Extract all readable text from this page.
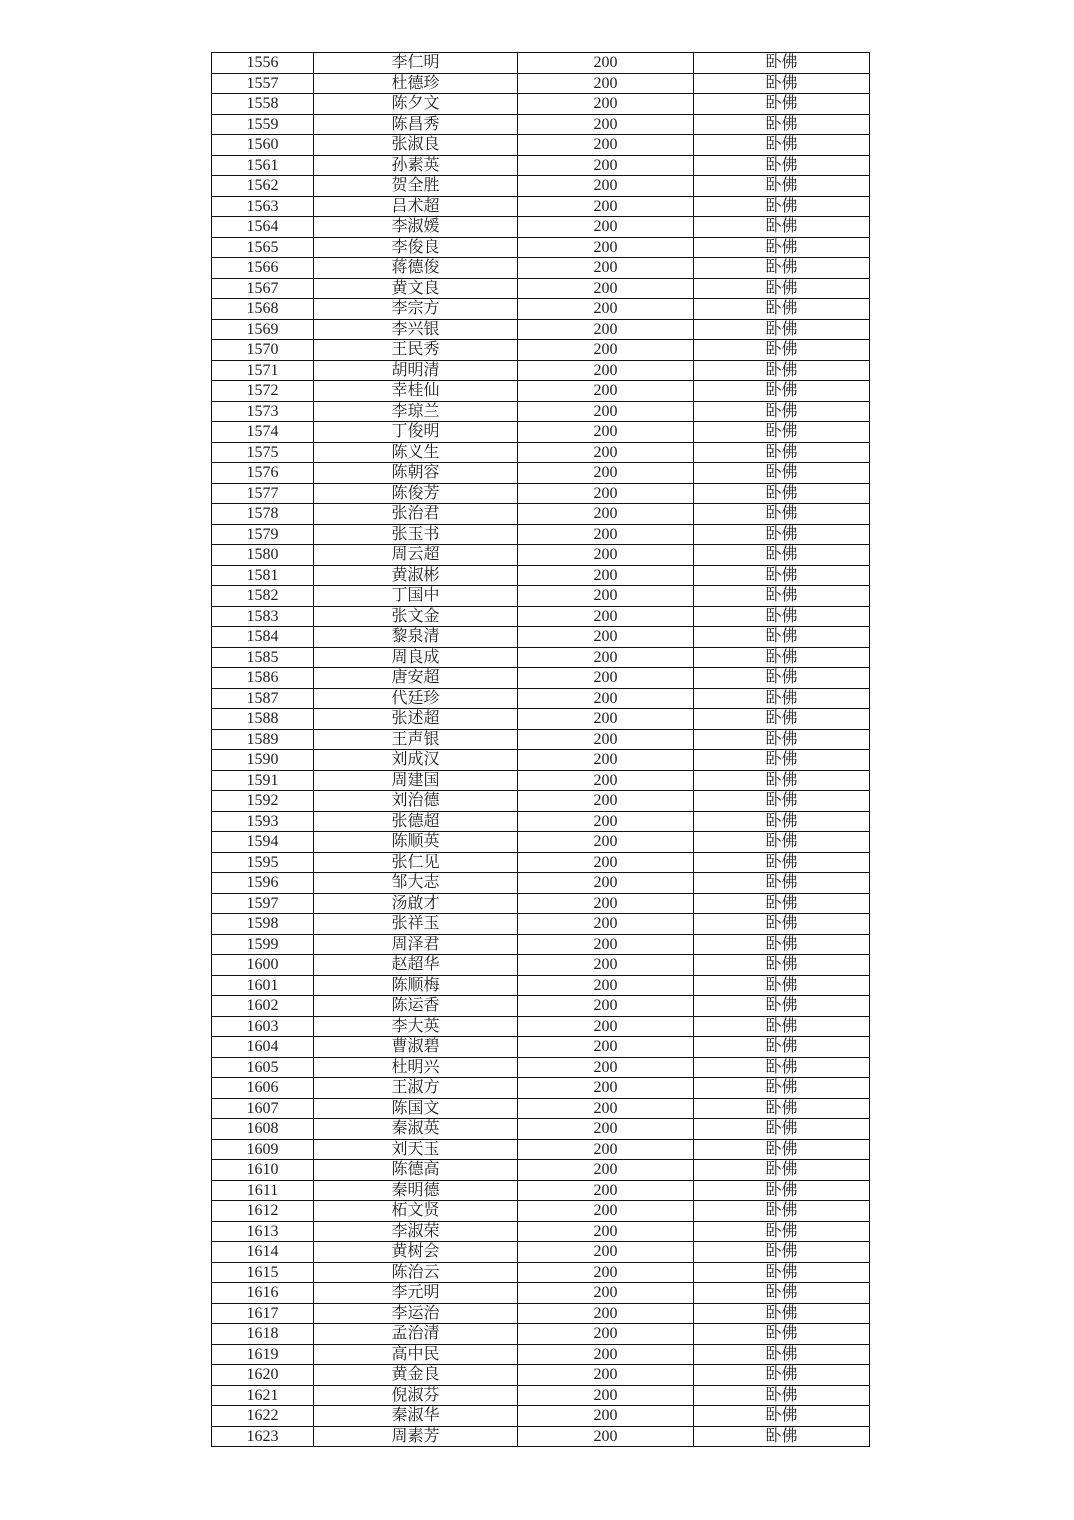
1556	李仁明	200	卧佛
1557	杜德珍	200	卧佛
1558	陈夕文	200	卧佛
1559	陈昌秀	200	卧佛
1560	张淑良	200	卧佛
1561	孙素英	200	卧佛
1562	贺全胜	200	卧佛
1563	吕术超	200	卧佛
1564	李淑媛	200	卧佛
1565	李俊良	200	卧佛
1566	蒋德俊	200	卧佛
1567	黄文良	200	卧佛
1568	李宗方	200	卧佛
1569	李兴银	200	卧佛
1570	王民秀	200	卧佛
1571	胡明清	200	卧佛
1572	幸桂仙	200	卧佛
1573	李琼兰	200	卧佛
1574	丁俊明	200	卧佛
1575	陈义生	200	卧佛
1576	陈朝容	200	卧佛
1577	陈俊芳	200	卧佛
1578	张治君	200	卧佛
1579	张玉书	200	卧佛
1580	周云超	200	卧佛
1581	黄淑彬	200	卧佛
1582	丁国中	200	卧佛
1583	张文金	200	卧佛
1584	黎泉清	200	卧佛
1585	周良成	200	卧佛
1586	唐安超	200	卧佛
1587	代廷珍	200	卧佛
1588	张述超	200	卧佛
1589	王声银	200	卧佛
1590	刘成汉	200	卧佛
1591	周建国	200	卧佛
1592	刘治德	200	卧佛
1593	张德超	200	卧佛
1594	陈顺英	200	卧佛
1595	张仁见	200	卧佛
1596	邹大志	200	卧佛
1597	汤啟才	200	卧佛
1598	张祥玉	200	卧佛
1599	周泽君	200	卧佛
1600	赵超华	200	卧佛
1601	陈顺梅	200	卧佛
1602	陈运香	200	卧佛
1603	李大英	200	卧佛
1604	曹淑碧	200	卧佛
1605	杜明兴	200	卧佛
1606	王淑方	200	卧佛
1607	陈国文	200	卧佛
1608	秦淑英	200	卧佛
1609	刘天玉	200	卧佛
1610	陈德高	200	卧佛
1611	秦明德	200	卧佛
1612	柘文贤	200	卧佛
1613	李淑荣	200	卧佛
1614	黄树会	200	卧佛
1615	陈治云	200	卧佛
1616	李元明	200	卧佛
1617	李运治	200	卧佛
1618	孟治清	200	卧佛
1619	高中民	200	卧佛
1620	黄金良	200	卧佛
1621	倪淑芬	200	卧佛
1622	秦淑华	200	卧佛
1623	周素芳	200	卧佛
